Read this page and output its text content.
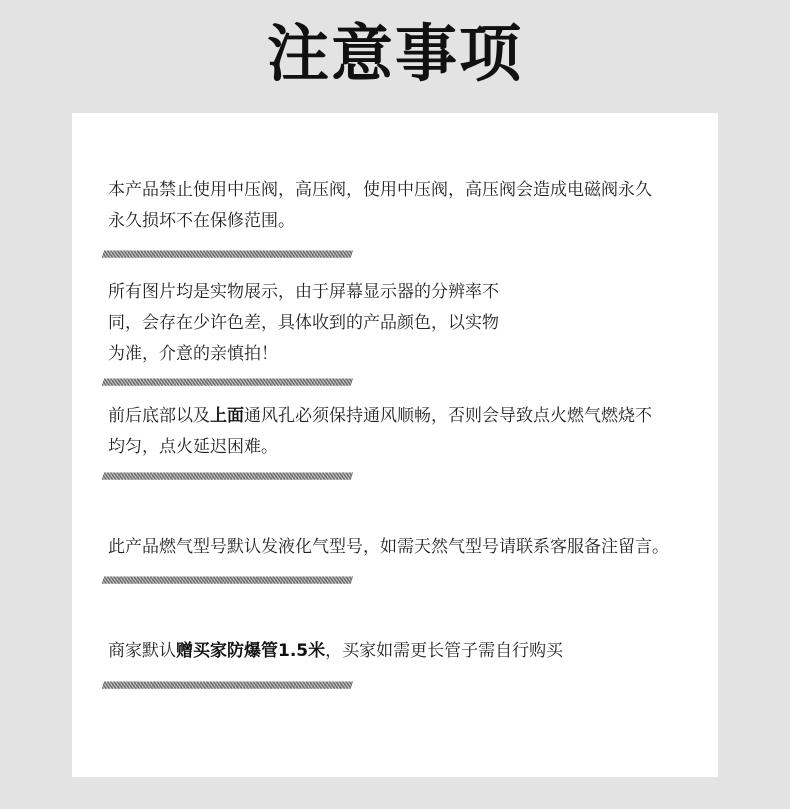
注意事项
本产品禁止使用中压阀，高压阀，使用中压阀，高压阀会造成电磁阀永久
永久损坏不在保修范围。
//////////////////////////////////////////////////////////////////////////////////////////////////////////////////////////////////////////////////////////////////////////////
所有图片均是实物展示，由于屏幕显示器的分辨率不
同，会存在少许色差，具体收到的产品颜色，以实物
为准，介意的亲慎拍！
//////////////////////////////////////////////////////////////////////////////////////////////////////////////////////////////////////////////////////////////////////////////
前后底部以及上面通风孔必须保持通风顺畅，否则会导致点火燃气燃烧不
均匀，点火延迟困难。
//////////////////////////////////////////////////////////////////////////////////////////////////////////////////////////////////////////////////////////////////////////////
此产品燃气型号默认发液化气型号，如需天然气型号请联系客服备注留言。
//////////////////////////////////////////////////////////////////////////////////////////////////////////////////////////////////////////////////////////////////////////////
商家默认赠买家防爆管1.5米，买家如需更长管子需自行购买
//////////////////////////////////////////////////////////////////////////////////////////////////////////////////////////////////////////////////////////////////////////////
